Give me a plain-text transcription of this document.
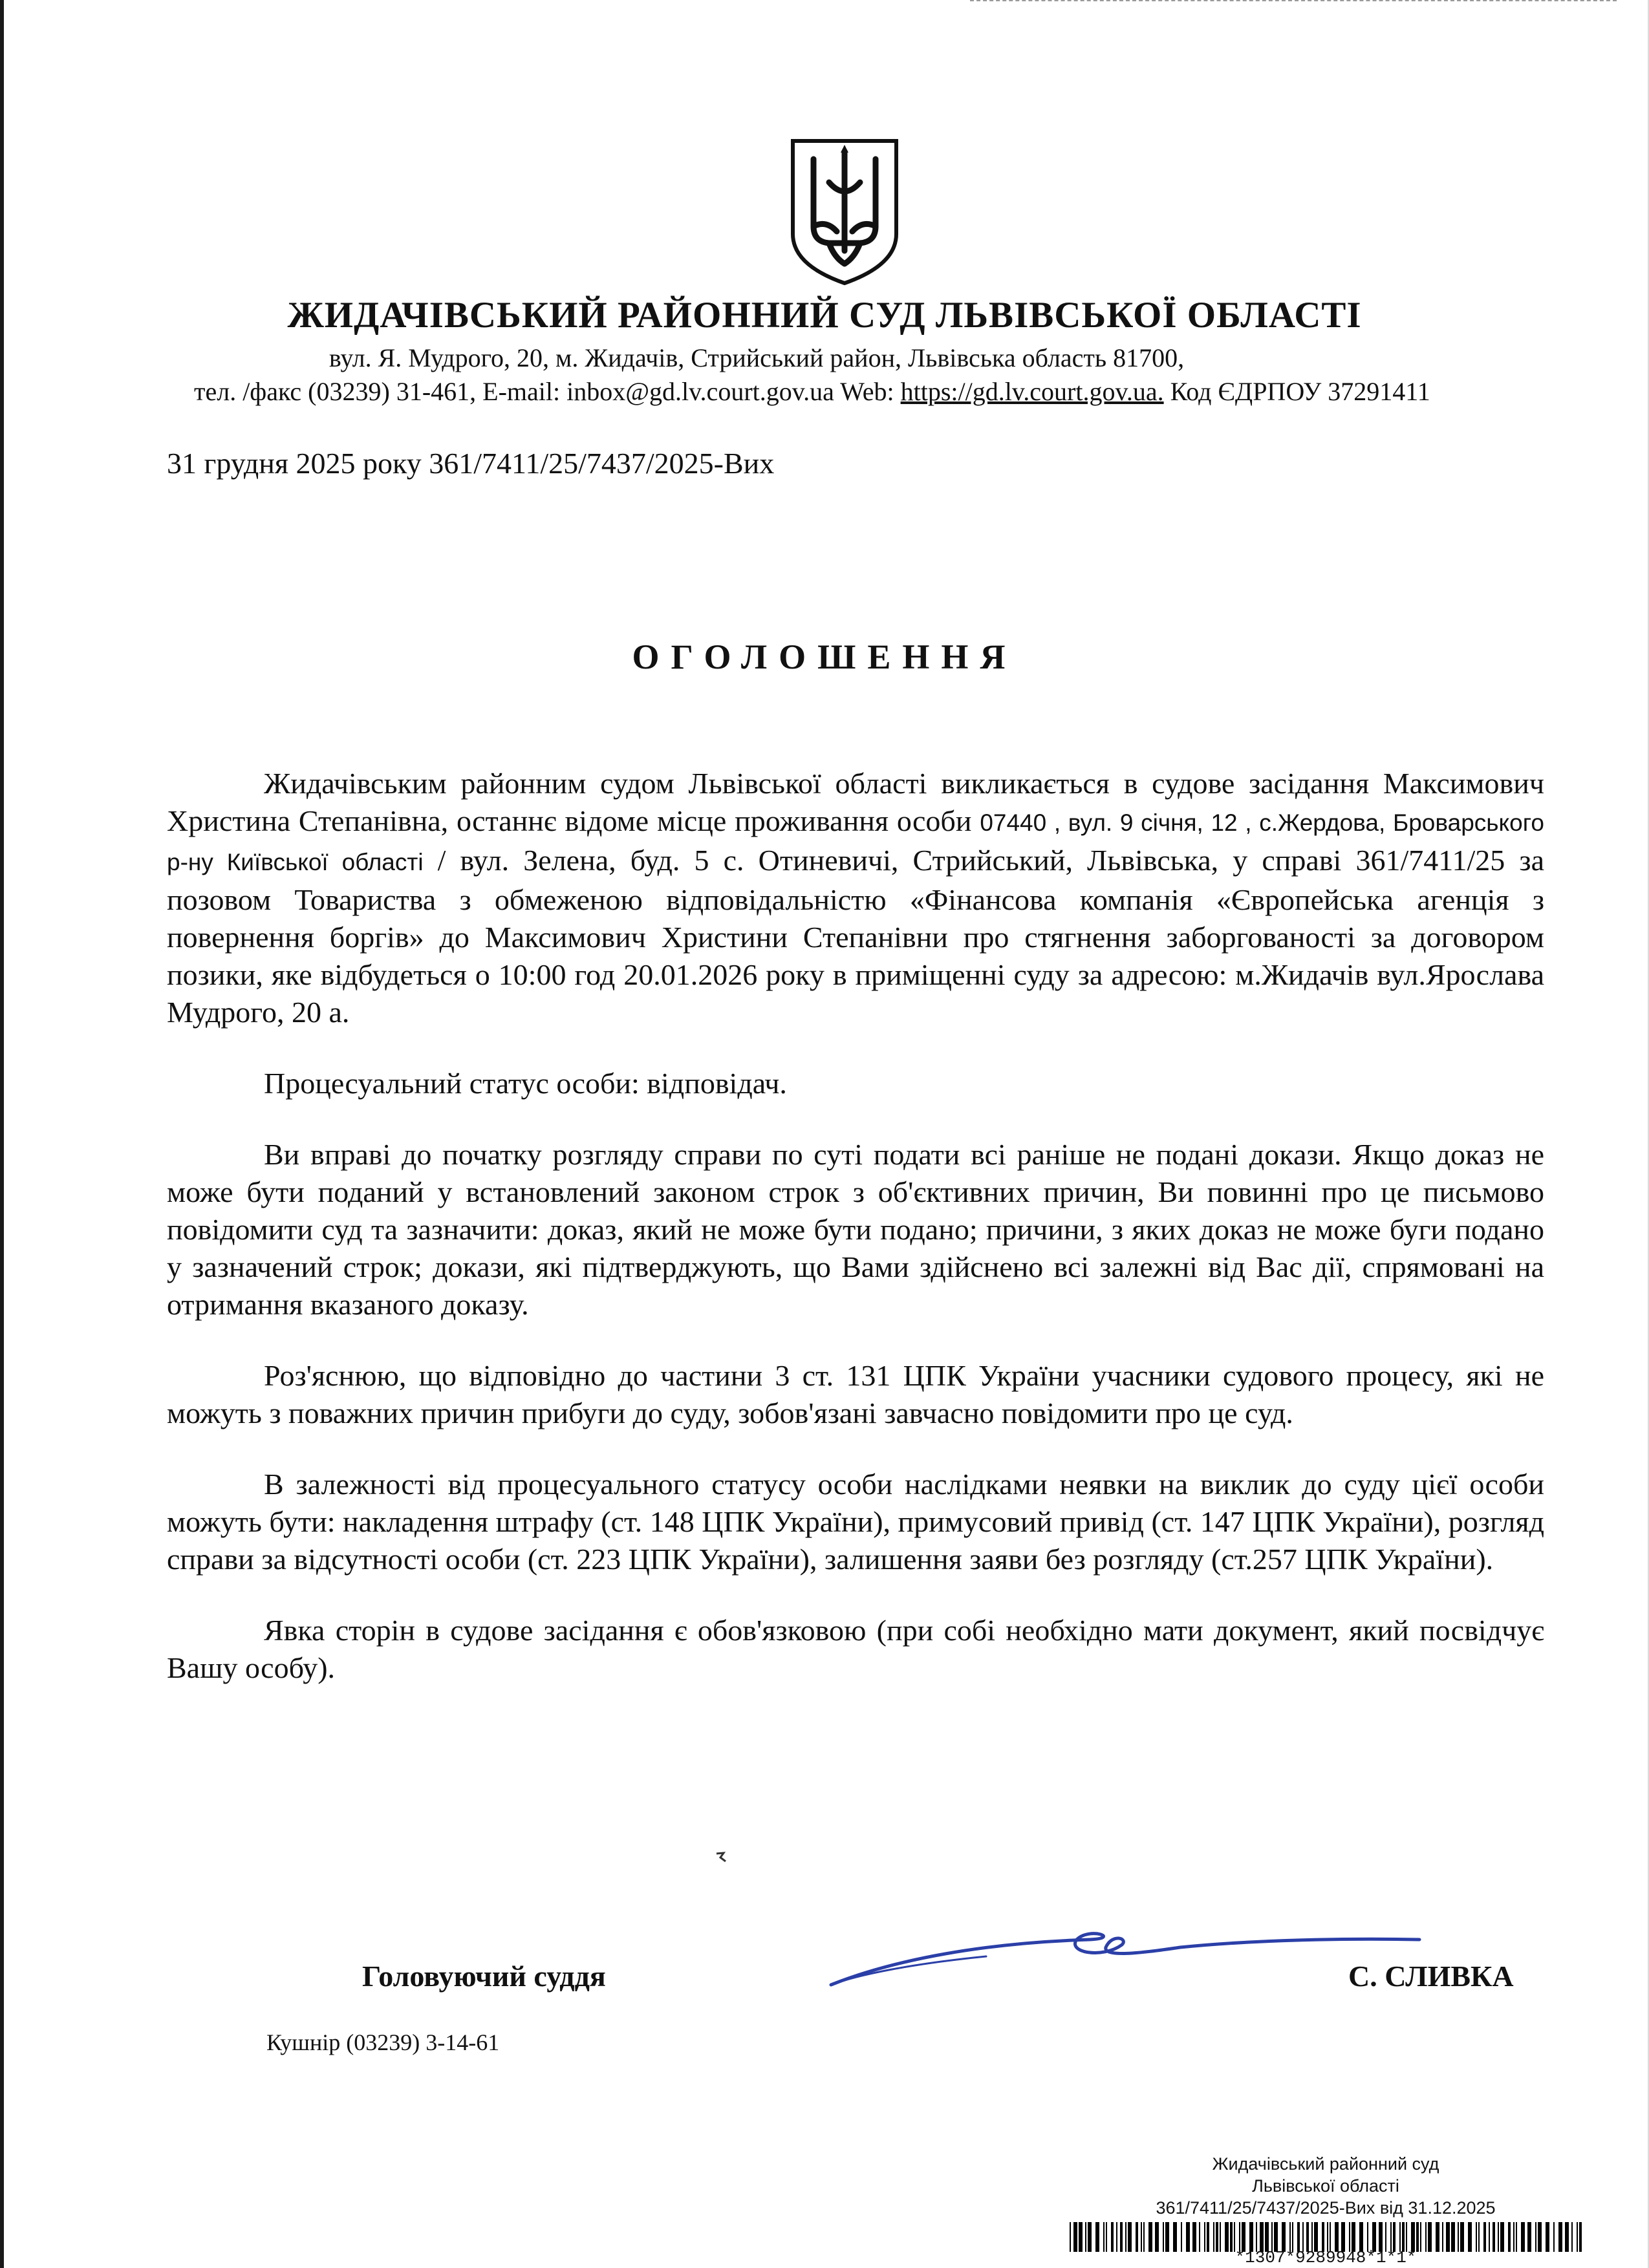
ЖИДАЧІВСЬКИЙ РАЙОННИЙ СУД ЛЬВІВСЬКОЇ ОБЛАСТІ
вул. Я. Мудрого, 20, м. Жидачів, Стрийський район, Львівська область 81700,
тел. /факс (03239) 31-461, E-mail: inbox@gd.lv.court.gov.ua Web: https://gd.lv.court.gov.ua. Код ЄДРПОУ 37291411
31 грудня 2025 року 361/7411/25/7437/2025-Вих
ОГОЛОШЕННЯ

Жидачівським районним судом Львівської області викликається в судове засідання Максимович Христина Степанівна, останнє відоме місце проживання особи 07440 , вул. 9 січня, 12 , с.Жердова, Броварського р-ну Київської області / вул. Зелена, буд. 5 с. Отиневичі, Стрийський, Львівська, у справі 361/7411/25 за позовом Товариства з обмеженою відповідальністю «Фінансова компанія «Європейська агенція з повернення боргів» до Максимович Христини Степанівни про стягнення заборгованості за договором позики, яке відбудеться о 10:00 год 20.01.2026 року в приміщенні суду за адресою: м.Жидачів вул.Ярослава Мудрого, 20 а.

Процесуальний статус особи: відповідач.

Ви вправі до початку розгляду справи по суті подати всі раніше не подані докази. Якщо доказ не може бути поданий у встановлений законом строк з об'єктивних причин, Ви повинні про це письмово повідомити суд та зазначити: доказ, який не може бути подано; причини, з яких доказ не може буги подано у зазначений строк; докази, які підтверджують, що Вами здійснено всі залежні від Вас дії, спрямовані на отримання вказаного доказу.

Роз'яснюю, що відповідно до частини 3 ст. 131 ЦПК України учасники судового процесу, які не можуть з поважних причин прибуги до суду, зобов'язані завчасно повідомити про це суд.

В залежності від процесуального статусу особи наслідками неявки на виклик до суду цієї особи можуть бути: накладення штрафу (ст. 148 ЦПК України), примусовий привід (ст. 147 ЦПК України), розгляд справи за відсутності особи (ст. 223 ЦПК України), залишення заяви без розгляду (ст.257 ЦПК України).

Явка сторін в судове засідання є обов'язковою (при собі необхідно мати документ, який посвідчує Вашу особу).

Головуючий суддя	С. СЛИВКА
Кушнір (03239) 3-14-61
Жидачівський районний суд
Львівської області
361/7411/25/7437/2025-Вих від 31.12.2025
*1307*9289948*1*1*
